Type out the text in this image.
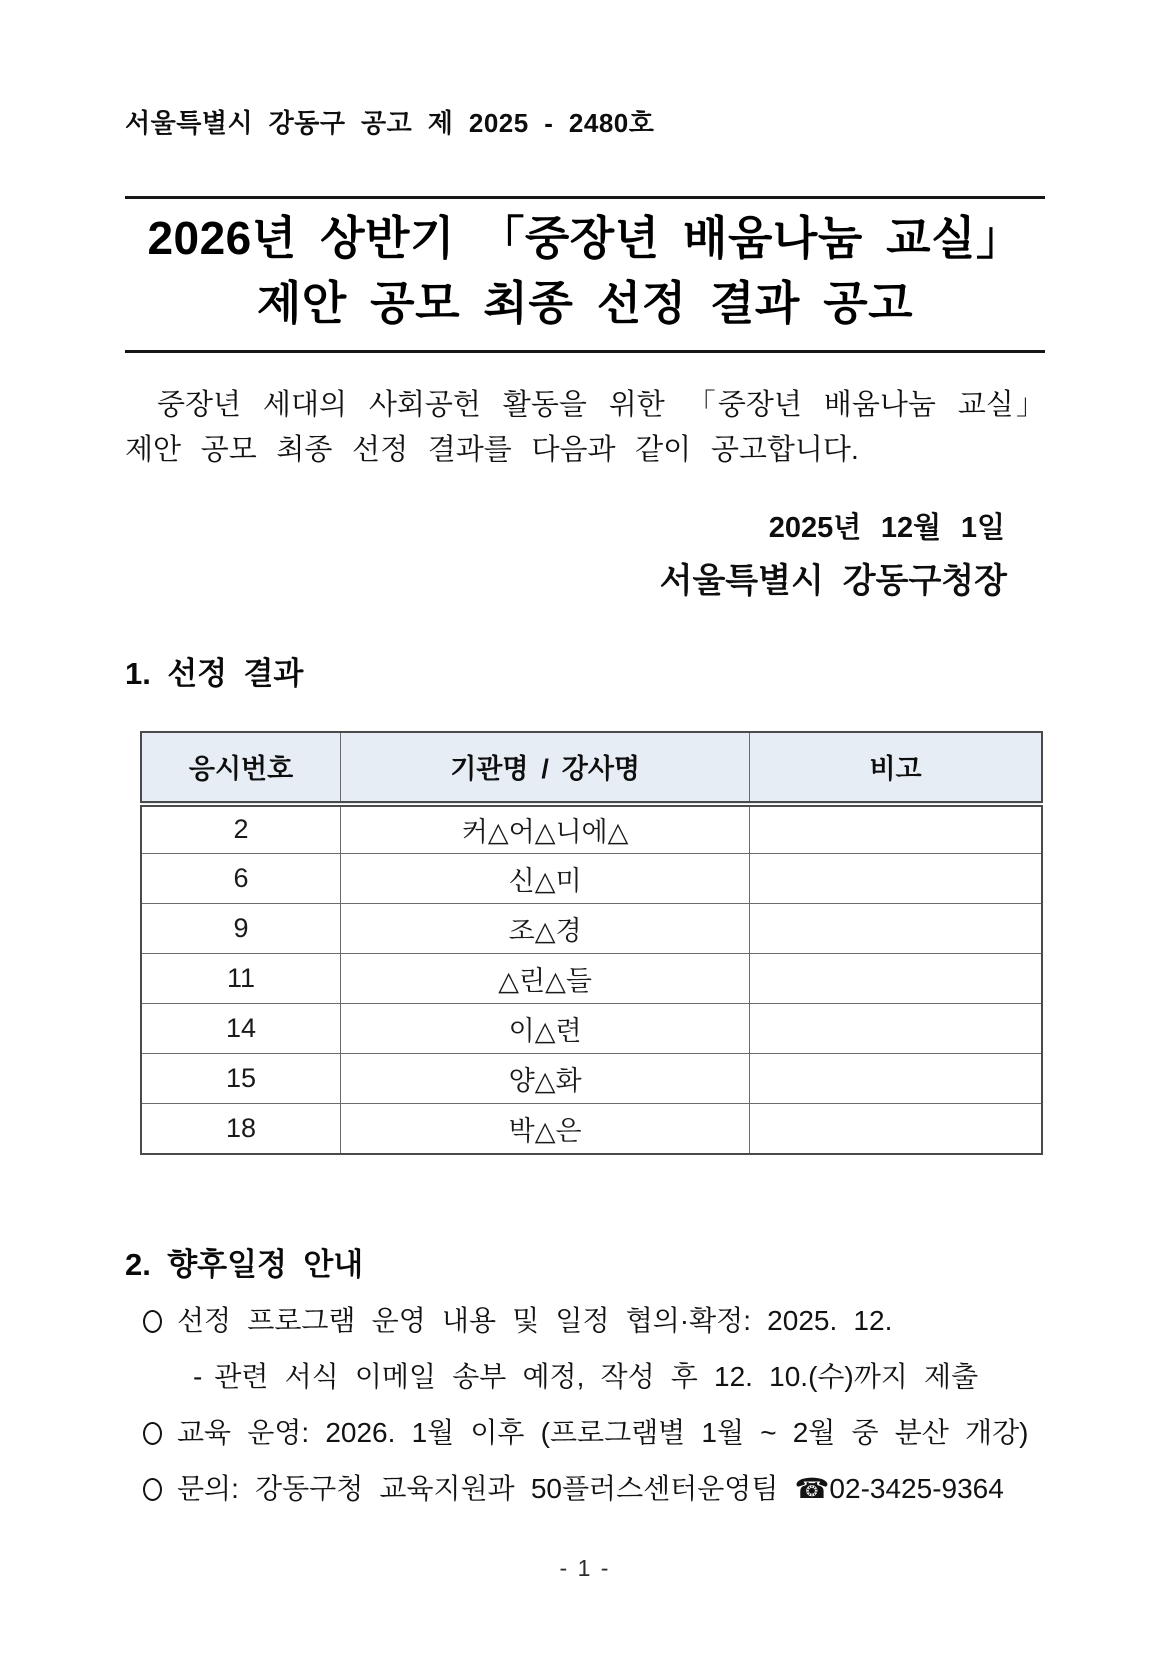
서울특별시 강동구 공고 제 2025 - 2480호
2026년 상반기 「중장년 배움나눔 교실」
제안 공모 최종 선정 결과 공고

중장년 세대의 사회공헌 활동을 위한 「중장년 배움나눔 교실」 제안 공모 최종 선정 결과를 다음과 같이 공고합니다.

2025년 12월 1일
서울특별시 강동구청장
1. 선정 결과
응시번호	기관명 / 강사명	비고
2	커△어△니에△	
6	신△미	
9	조△경	
11	△린△들	
14	이△련	
15	양△화	
18	박△은	
2. 향후일정 안내
선정 프로그램 운영 내용 및 일정 협의·확정: 2025. 12.
- 관련 서식 이메일 송부 예정, 작성 후 12. 10.(수)까지 제출
교육 운영: 2026. 1월 이후 (프로그램별 1월 ~ 2월 중 분산 개강)
문의: 강동구청 교육지원과 50플러스센터운영팀 ☎02-3425-9364
- 1 -
